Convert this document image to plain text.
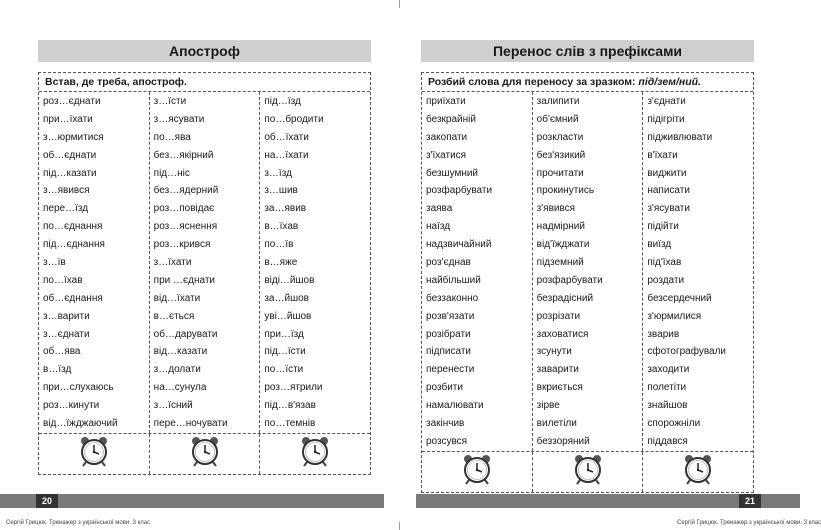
Апостроф
Встав, де треба, апостроф.
роз…єднати
при…їхати
з…юрмитися
об…єднати
під…казати
з…явився
пере…їзд
по…єднання
під…єднання
з…їв
по…їхав
об…єднання
з…варити
з…єднати
об…ява
в…їзд
при…слухаюсь
роз…кинути
від…їжджаючий
з…їсти
з…ясувати
по…ява
без…якірний
під…ніс
без…ядерний
роз…повідає
роз…яснення
роз…крився
з…їхати
при …єднати
від…їхати
в…ється
об…дарувати
від…казати
з…долати
на…сунула
з…їсний
пере…ночувати
під…їзд
по…бродити
об…їхати
на…їхати
з…їзд
з…шив
за…явив
в…їхав
по…їв
в…яже
віді…йшов
за…йшов
уві…йшов
при…їзд
під…їсти
по…їсти
роз…ятрили
під…в'язав
по…темнів
Перенос слів з префіксами
Розбий слова для переносу за зразком: під/зем/ний.
приїхати
безкрайній
закопати
з'їхатися
безшумний
розфарбувати
заява
наїзд
надзвичайний
роз'єднав
найбільший
беззаконно
розв'язати
розібрати
підписати
перенести
розбити
намалювати
закінчив
розсувся
залипити
об'ємний
розкласти
без'язикий
прочитати
прокинутись
з'явився
надмірний
від'їжджати
підземний
розфарбувати
безрадісний
розрізати
заховатися
зсунути
заварити
вкриється
зірве
вилетіли
беззоряний
з'єднати
підігріти
підживлювати
в'їхати
виджити
написати
з'ясувати
підійти
виїзд
під'їхав
роздати
безсердечний
з'юрмилися
зварив
сфотографували
заходити
полетіти
знайшов
спорожніли
піддався
20	21
Сергій Грицюк. Тренажер з української мови. 3 клас	Сергій Грицюк. Тренажер з української мови. 3 клас
